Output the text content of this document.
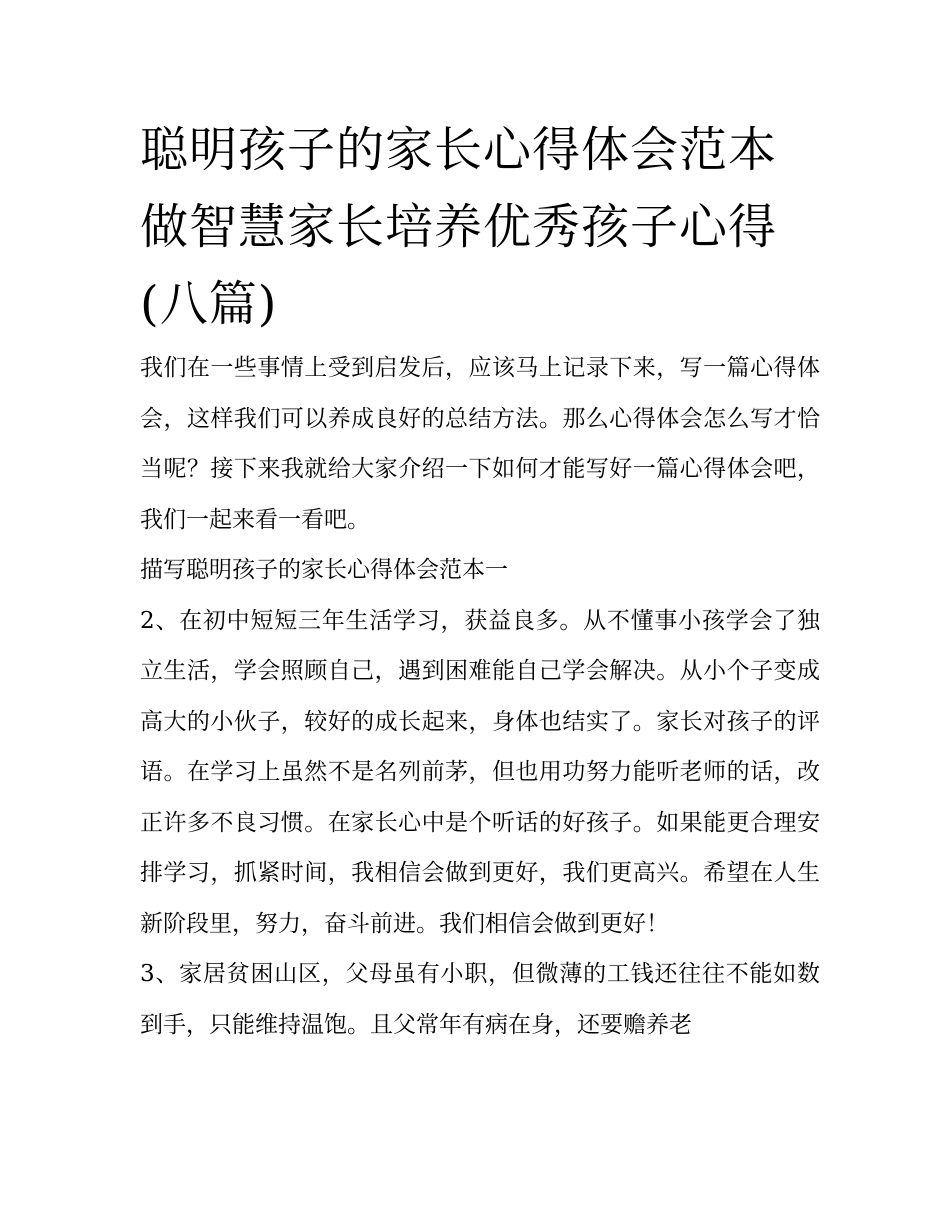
聪明孩子的家长心得体会范本做智慧家长培养优秀孩子心得(八篇)

我们在一些事情上受到启发后，应该马上记录下来，写一篇心得体会，这样我们可以养成良好的总结方法。那么心得体会怎么写才恰当呢？接下来我就给大家介绍一下如何才能写好一篇心得体会吧，我们一起来看一看吧。

描写聪明孩子的家长心得体会范本一

2、在初中短短三年生活学习，获益良多。从不懂事小孩学会了独立生活，学会照顾自己，遇到困难能自己学会解决。从小个子变成高大的小伙子，较好的成长起来，身体也结实了。家长对孩子的评语。在学习上虽然不是名列前茅，但也用功努力能听老师的话，改正许多不良习惯。在家长心中是个听话的好孩子。如果能更合理安排学习，抓紧时间，我相信会做到更好，我们更高兴。希望在人生新阶段里，努力，奋斗前进。我们相信会做到更好！

3、家居贫困山区，父母虽有小职，但微薄的工钱还往往不能如数到手，只能维持温饱。且父常年有病在身，还要赡养老
